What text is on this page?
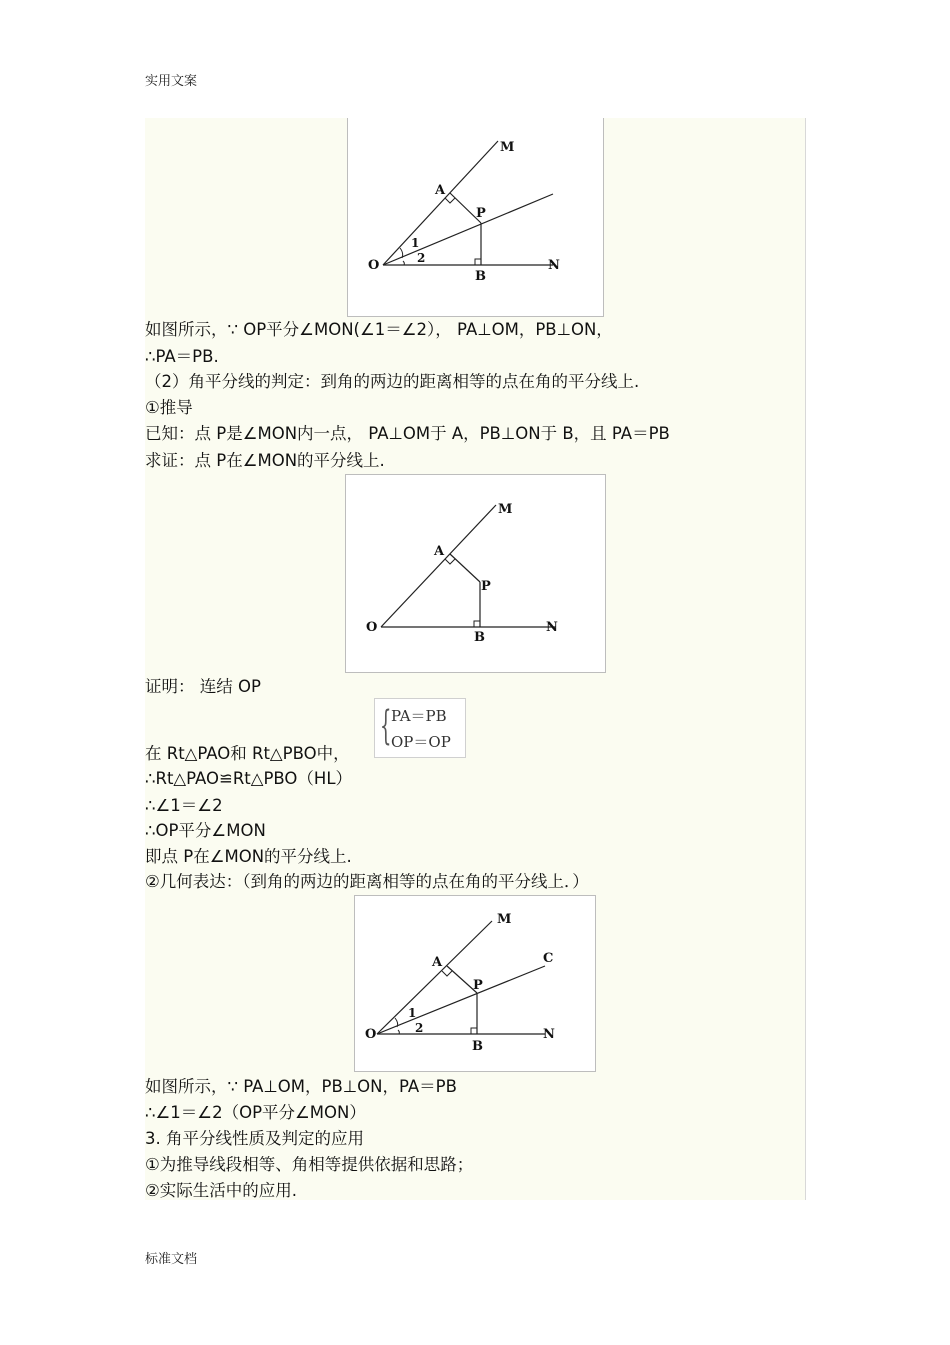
实用文案
O
A
M
P
B
N
1
2
如图所示，∵ OP平分∠MON(∠1＝∠2）， PA⊥OM，PB⊥ON，
∴PA＝PB.
（2）角平分线的判定：到角的两边的距离相等的点在角的平分线上.
①推导
已知：点 P是∠MON内一点， PA⊥OM于 A，PB⊥ON于 B，且 PA＝PB
求证：点 P在∠MON的平分线上.
O
A
M
P
B
N
证明： 连结 OP
{ PA＝PB
OP＝OP
在 Rt△PAO和 Rt△PBO中，
∴Rt△PAO≌Rt△PBO（HL）
∴∠1＝∠2
∴OP平分∠MON
即点 P在∠MON的平分线上.
②几何表达：（到角的两边的距离相等的点在角的平分线上．）
O
A
M
C
P
B
N
1
2
如图所示，∵ PA⊥OM，PB⊥ON，PA＝PB
∴∠1＝∠2（OP平分∠MON）
3. 角平分线性质及判定的应用
①为推导线段相等、角相等提供依据和思路；
②实际生活中的应用.
标准文档
